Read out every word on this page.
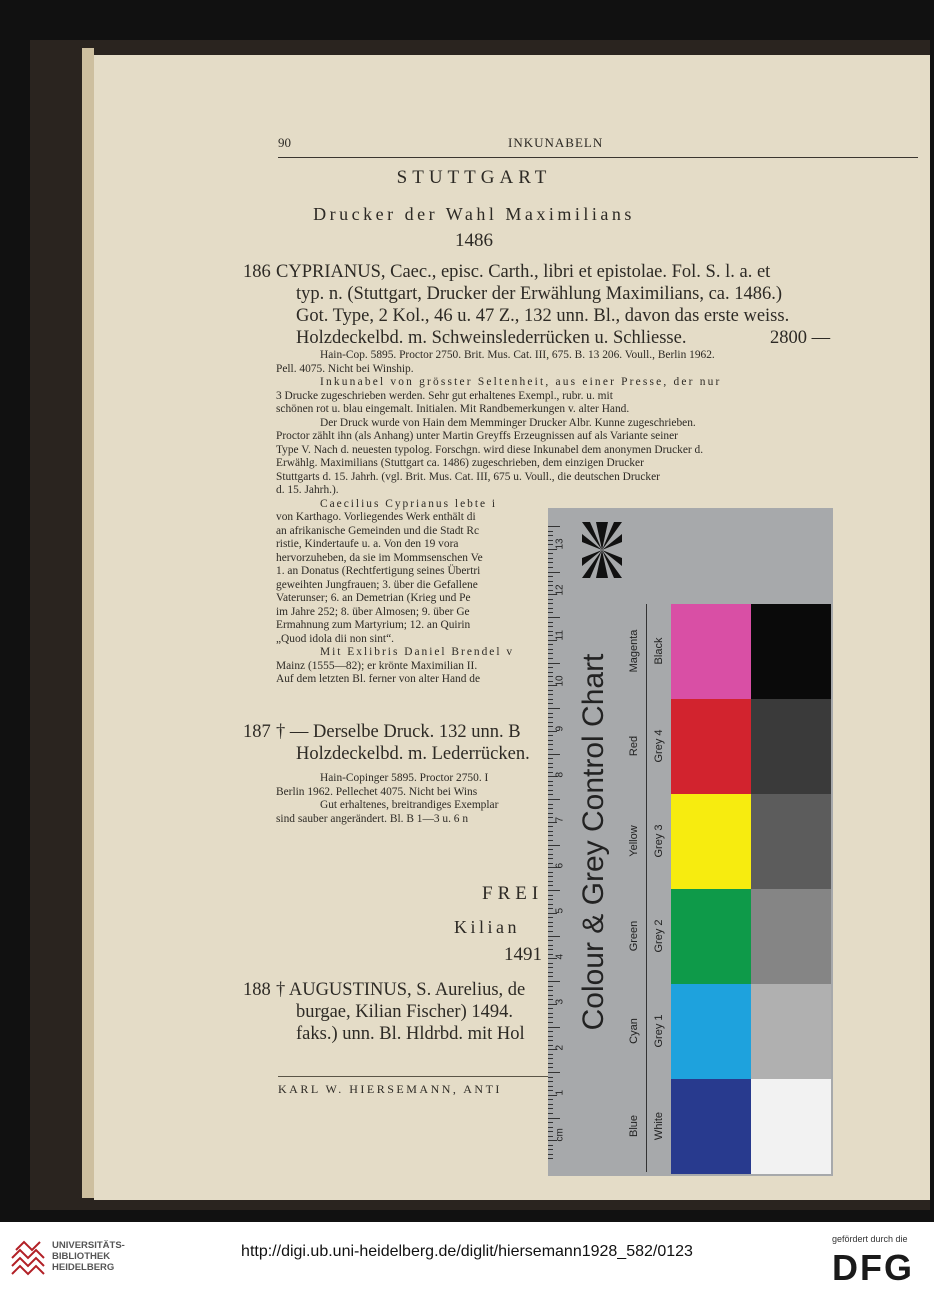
90	INKUNABELN
STUTTGART
Drucker der Wahl Maximilians
1486
186 CYPRIANUS, Caec., episc. Carth., libri et epistolae. Fol. S. l. a. et
typ. n. (Stuttgart, Drucker der Erwählung Maximilians, ca. 1486.)
Got. Type, 2 Kol., 46 u. 47 Z., 132 unn. Bl., davon das erste weiss.
Holzdeckelbd. m. Schweinslederrücken u. Schliesse.	2800 —
Hain-Cop. 5895. Proctor 2750. Brit. Mus. Cat. III, 675. B. 13 206. Voull., Berlin 1962.
Pell. 4075. Nicht bei Winship.
Inkunabel von grösster Seltenheit, aus einer Presse, der nur
3 Drucke zugeschrieben werden. Sehr gut erhaltenes Exempl., rubr. u. mit
schönen rot u. blau eingemalt. Initialen. Mit Randbemerkungen v. alter Hand.
Der Druck wurde von Hain dem Memminger Drucker Albr. Kunne zugeschrieben.
Proctor zählt ihn (als Anhang) unter Martin Greyffs Erzeugnissen auf als Variante seiner
Type V. Nach d. neuesten typolog. Forschgn. wird diese Inkunabel dem anonymen Drucker d.
Erwählg. Maximilians (Stuttgart ca. 1486) zugeschrieben, dem einzigen Drucker
Stuttgarts d. 15. Jahrh. (vgl. Brit. Mus. Cat. III, 675 u. Voull., die deutschen Drucker
d. 15. Jahrh.).
Caecilius Cyprianus lebte i
von Karthago. Vorliegendes Werk enthält di
an afrikanische Gemeinden und die Stadt Rc
ristie, Kindertaufe u. a. Von den 19 vora
hervorzuheben, da sie im Mommsenschen Ve
1. an Donatus (Rechtfertigung seines Übertri
geweihten Jungfrauen; 3. über die Gefallene
Vaterunser; 6. an Demetrian (Krieg und Pe
im Jahre 252; 8. über Almosen; 9. über Ge
Ermahnung zum Martyrium; 12. an Quirin
„Quod idola dii non sint“.
Mit Exlibris Daniel Brendel v
Mainz (1555—82); er krönte Maximilian II.
Auf dem letzten Bl. ferner von alter Hand de
187 † — Derselbe Druck. 132 unn. B
Holzdeckelbd. m. Lederrücken.
Hain-Copinger 5895. Proctor 2750. I
Berlin 1962. Pellechet 4075. Nicht bei Wins
Gut erhaltenes, breitrandiges Exemplar
sind sauber angerändert. Bl. B 1—3 u. 6 n
FREI
Kilian
1491
188 † AUGUSTINUS, S. Aurelius, de
burgae, Kilian Fischer) 1494.
faks.) unn. Bl. Hldrbd. mit Hol
KARL W. HIERSEMANN, ANTI
13
12
11
10
9
8
7
6
5
4
3
2
1
cm
Colour & Grey Control Chart
Magenta
Red
Yellow
Green
Cyan
Blue
Black
Grey 4
Grey 3
Grey 2
Grey 1
White
UNIVERSITÄTS-
BIBLIOTHEK
HEIDELBERG
http://digi.ub.uni-heidelberg.de/diglit/hiersemann1928_582/0123
gefördert durch die
DFG
